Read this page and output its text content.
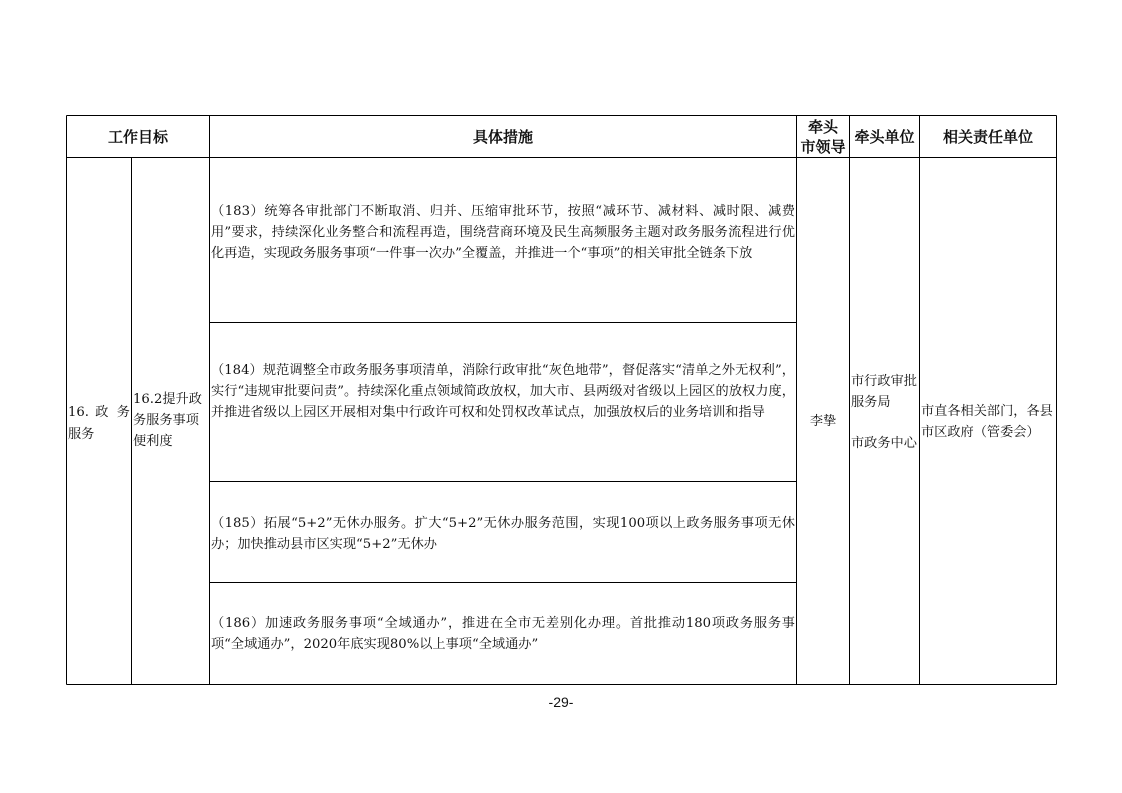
工作目标	具体措施
牵头
市领导
牵头单位	相关责任单位
16. 政 务 服务
16.2提升政务服务事项便利度
（183）统筹各审批部门不断取消、归并、压缩审批环节，按照“减环节、减材料、减时限、减费用”要求，持续深化业务整合和流程再造，围绕营商环境及民生高频服务主题对政务服务流程进行优化再造，实现政务服务事项“一件事一次办”全覆盖，并推进一个“事项”的相关审批全链条下放
（184）规范调整全市政务服务事项清单，消除行政审批“灰色地带”，督促落实“清单之外无权利”，实行“违规审批要问责”。持续深化重点领域简政放权，加大市、县两级对省级以上园区的放权力度，并推进省级以上园区开展相对集中行政许可权和处罚权改革试点，加强放权后的业务培训和指导
（185）拓展“5+2”无休办服务。扩大“5+2”无休办服务范围，实现100项以上政务服务事项无休办；加快推动县市区实现“5+2”无休办
（186）加速政务服务事项“全域通办”，推进在全市无差别化办理。首批推动180项政务服务事项“全域通办”，2020年底实现80%以上事项“全域通办”
李挚
市行政审批服务局
市政务中心
市直各相关部门，各县市区政府（管委会）
-29-
